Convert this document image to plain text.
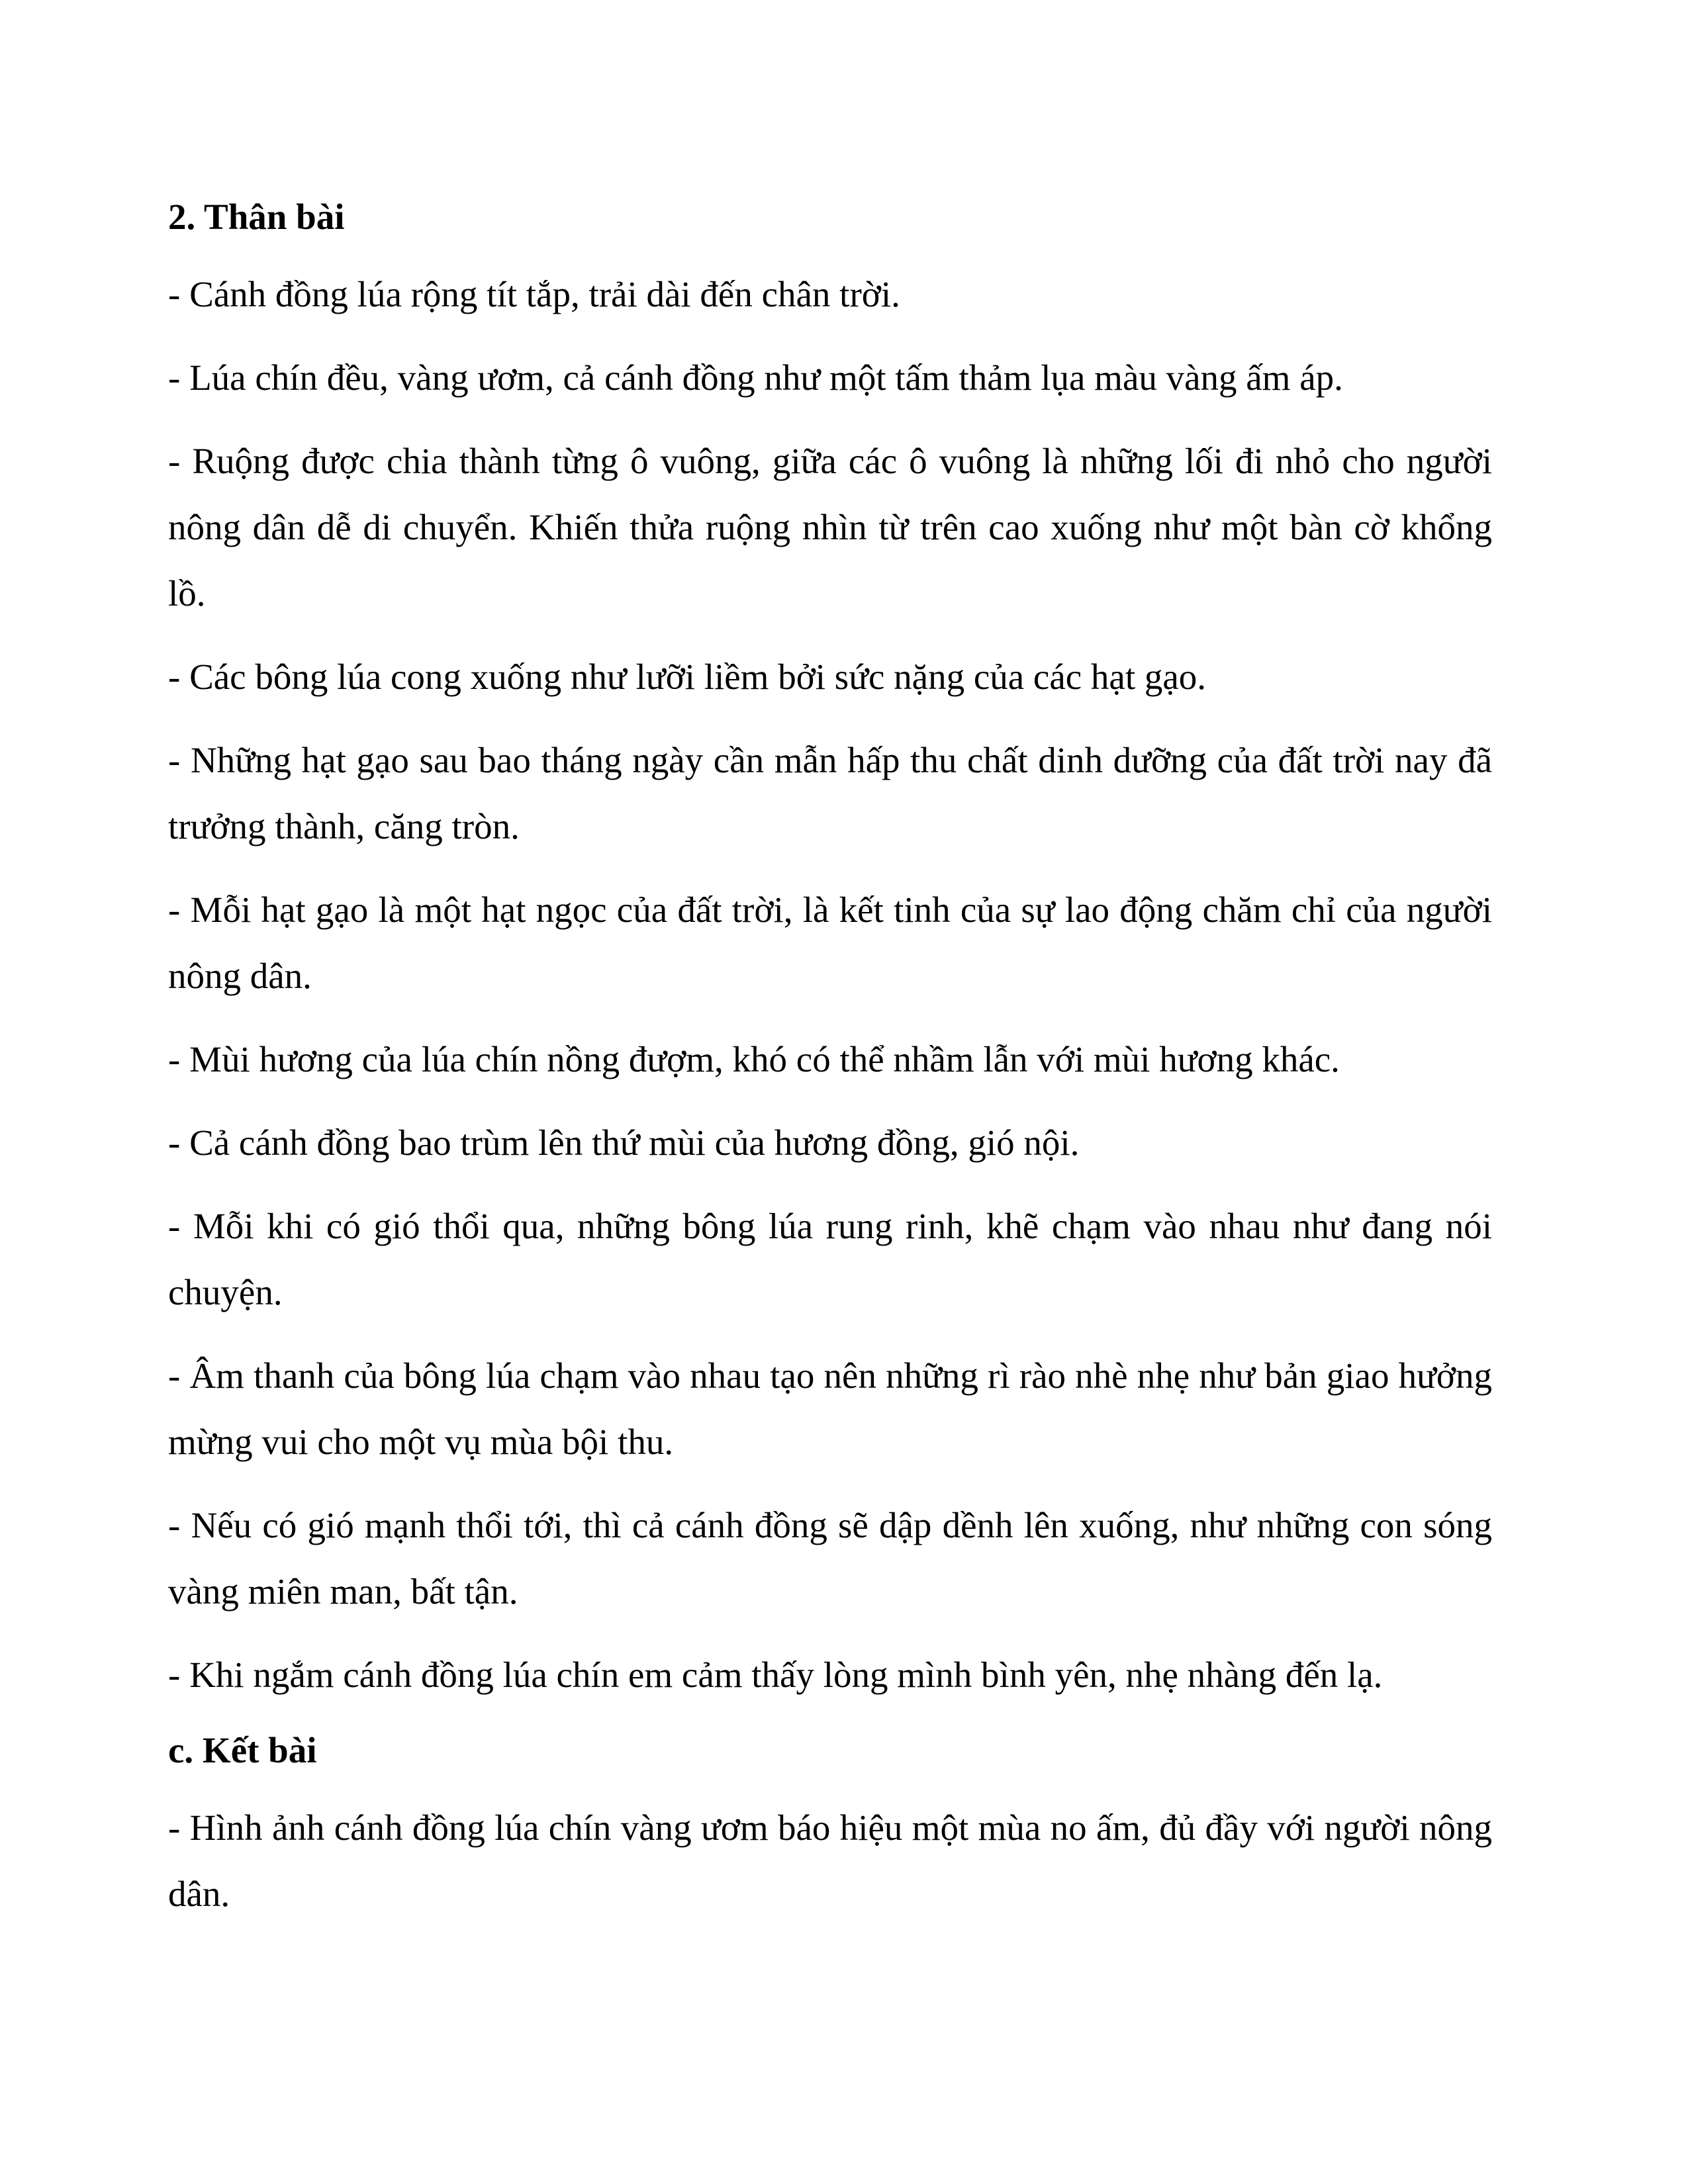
2. Thân bài

- Cánh đồng lúa rộng tít tắp, trải dài đến chân trời.

- Lúa chín đều, vàng ươm, cả cánh đồng như một tấm thảm lụa màu vàng ấm áp.

- Ruộng được chia thành từng ô vuông, giữa các ô vuông là những lối đi nhỏ cho người nông dân dễ di chuyển. Khiến thửa ruộng nhìn từ trên cao xuống như một bàn cờ khổng lồ.

- Các bông lúa cong xuống như lưỡi liềm bởi sức nặng của các hạt gạo.

- Những hạt gạo sau bao tháng ngày cần mẫn hấp thu chất dinh dưỡng của đất trời nay đã trưởng thành, căng tròn.

- Mỗi hạt gạo là một hạt ngọc của đất trời, là kết tinh của sự lao động chăm chỉ của người nông dân.

- Mùi hương của lúa chín nồng đượm, khó có thể nhầm lẫn với mùi hương khác.

- Cả cánh đồng bao trùm lên thứ mùi của hương đồng, gió nội.

- Mỗi khi có gió thổi qua, những bông lúa rung rinh, khẽ chạm vào nhau như đang nói chuyện.

- Âm thanh của bông lúa chạm vào nhau tạo nên những rì rào nhè nhẹ như bản giao hưởng mừng vui cho một vụ mùa bội thu.

- Nếu có gió mạnh thổi tới, thì cả cánh đồng sẽ dập dềnh lên xuống, như những con sóng vàng miên man, bất tận.

- Khi ngắm cánh đồng lúa chín em cảm thấy lòng mình bình yên, nhẹ nhàng đến lạ.

c. Kết bài

- Hình ảnh cánh đồng lúa chín vàng ươm báo hiệu một mùa no ấm, đủ đầy với người nông dân.
